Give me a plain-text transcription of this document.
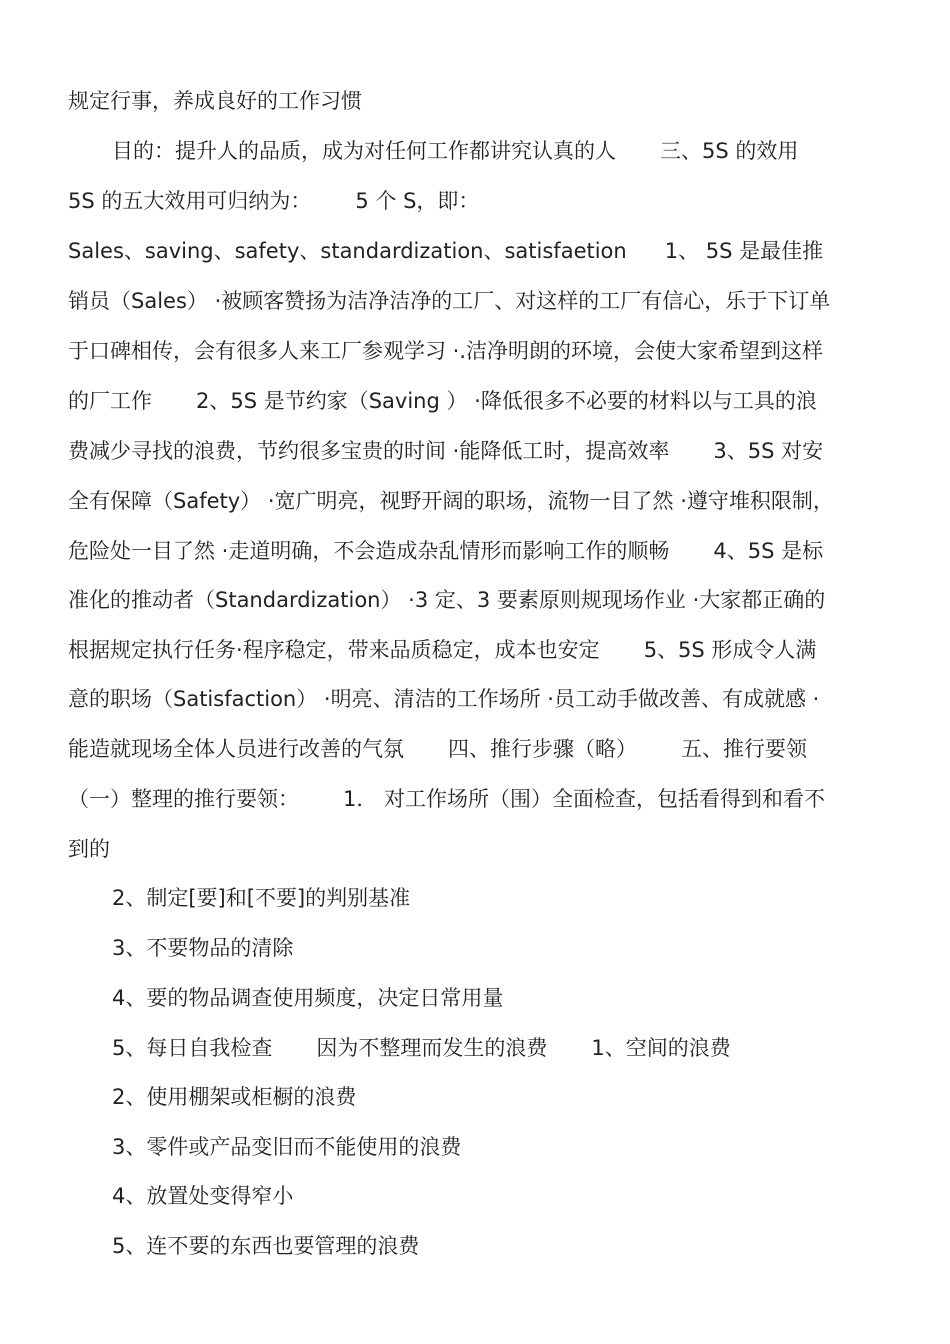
规定行事，养成良好的工作习惯
目的：提升人的品质，成为对任何工作都讲究认真的人 三、5S 的效用
5S 的五大效用可归纳为： 5 个 S，即：
Sales、saving、safety、standardization、satisfaetion 1、 5S 是最佳推
销员（Sales） ·被顾客赞扬为洁净洁净的工厂、对这样的工厂有信心，乐于下订单
于口碑相传，会有很多人来工厂参观学习 ·.洁净明朗的环境，会使大家希望到这样
的厂工作 2、5S 是节约家（Saving ） ·降低很多不必要的材料以与工具的浪
费减少寻找的浪费，节约很多宝贵的时间 ·能降低工时，提高效率 3、5S 对安
全有保障（Safety） ·宽广明亮，视野开阔的职场，流物一目了然 ·遵守堆积限制，
危险处一目了然 ·走道明确，不会造成杂乱情形而影响工作的顺畅 4、5S 是标
准化的推动者（Standardization） ·3 定、3 要素原则规现场作业 ·大家都正确的
根据规定执行任务·程序稳定，带来品质稳定，成本也安定 5、5S 形成令人满
意的职场（Satisfaction） ·明亮、清洁的工作场所 ·员工动手做改善、有成就感 ·
能造就现场全体人员进行改善的气氛 四、推行步骤（略） 五、推行要领
（一）整理的推行要领： 1． 对工作场所（围）全面检查，包括看得到和看不
到的
2、制定[要]和[不要]的判别基准
3、不要物品的清除
4、要的物品调查使用频度，决定日常用量
5、每日自我检查 因为不整理而发生的浪费 1、空间的浪费
2、使用棚架或柜橱的浪费
3、零件或产品变旧而不能使用的浪费
4、放置处变得窄小
5、连不要的东西也要管理的浪费
